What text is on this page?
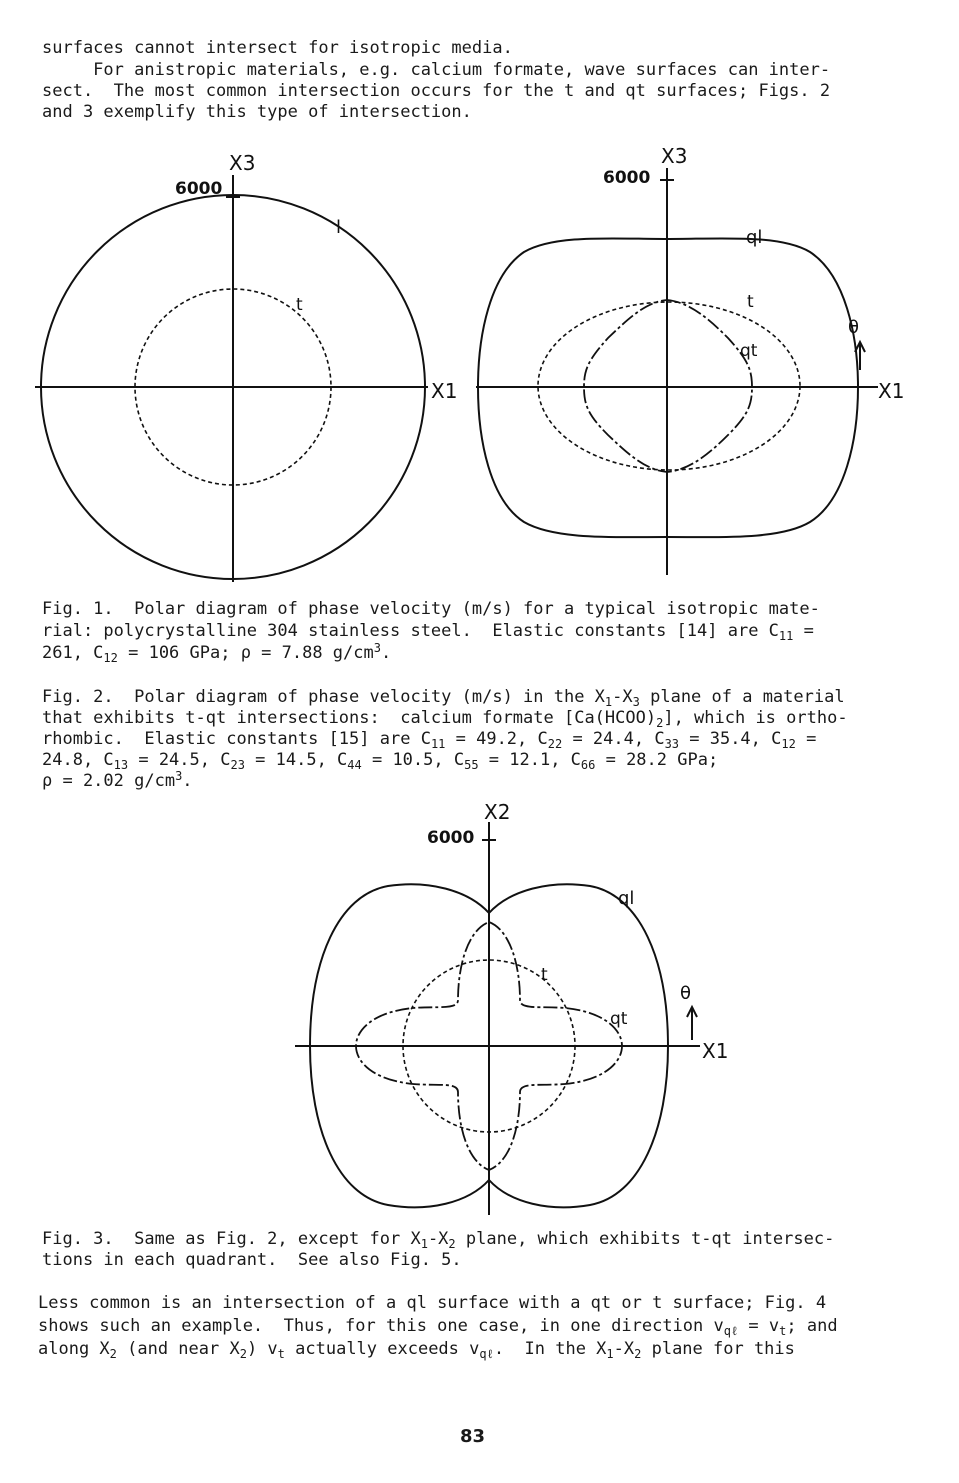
surfaces cannot intersect for isotropic media.
For anistropic materials, e.g. calcium formate, wave surfaces can inter-
sect.  The most common intersection occurs for the t and qt surfaces; Figs. 2
and 3 exemplify this type of intersection.
6000
X3
X1
l
t
6000
X3
X1
ql
t
qt
θ
Fig. 1.  Polar diagram of phase velocity (m/s) for a typical isotropic mate-
rial: polycrystalline 304 stainless steel.  Elastic constants [14] are $C_{11}$ =
261, $C_{12} = 106$ GPa; ρ = 7.88 $g/cm^3$.
Fig. 2.  Polar diagram of phase velocity (m/s) in the $X_1-X_3$ plane of a material
that exhibits t-qt intersections:  calcium formate $[Ca(HCOO)_2]$, which is ortho-
rhombic.  Elastic constants [15] are $C_{11} = 49.2$, $C_{22} = 24.4$, $C_{33} = 35.4$, $C_{12}$ =
24.8, $C_{13} = 24.5$, $C_{23} = 14.5$, $C_{44} = 10.5$, $C_{55} = 12.1$, $C_{66} = 28.2$ GPa;
ρ = 2.02 $g/cm^3$.
6000
X2
X1
ql
t
qt
θ
Fig. 3.  Same as Fig. 2, except for $X_1-X_2$ plane, which exhibits t-qt intersec-
tions in each quadrant.  See also Fig. 5.
Less common is an intersection of a ql surface with a qt or t surface; Fig. 4
shows such an example.  Thus, for this one case, in one direction $v_{q\ell} = v_t$; and
along $X_2$ (and near $X_2$) $v_t$ actually exceeds $v_{q\ell}$.  In the $X_1-X_2$ plane for this
83
